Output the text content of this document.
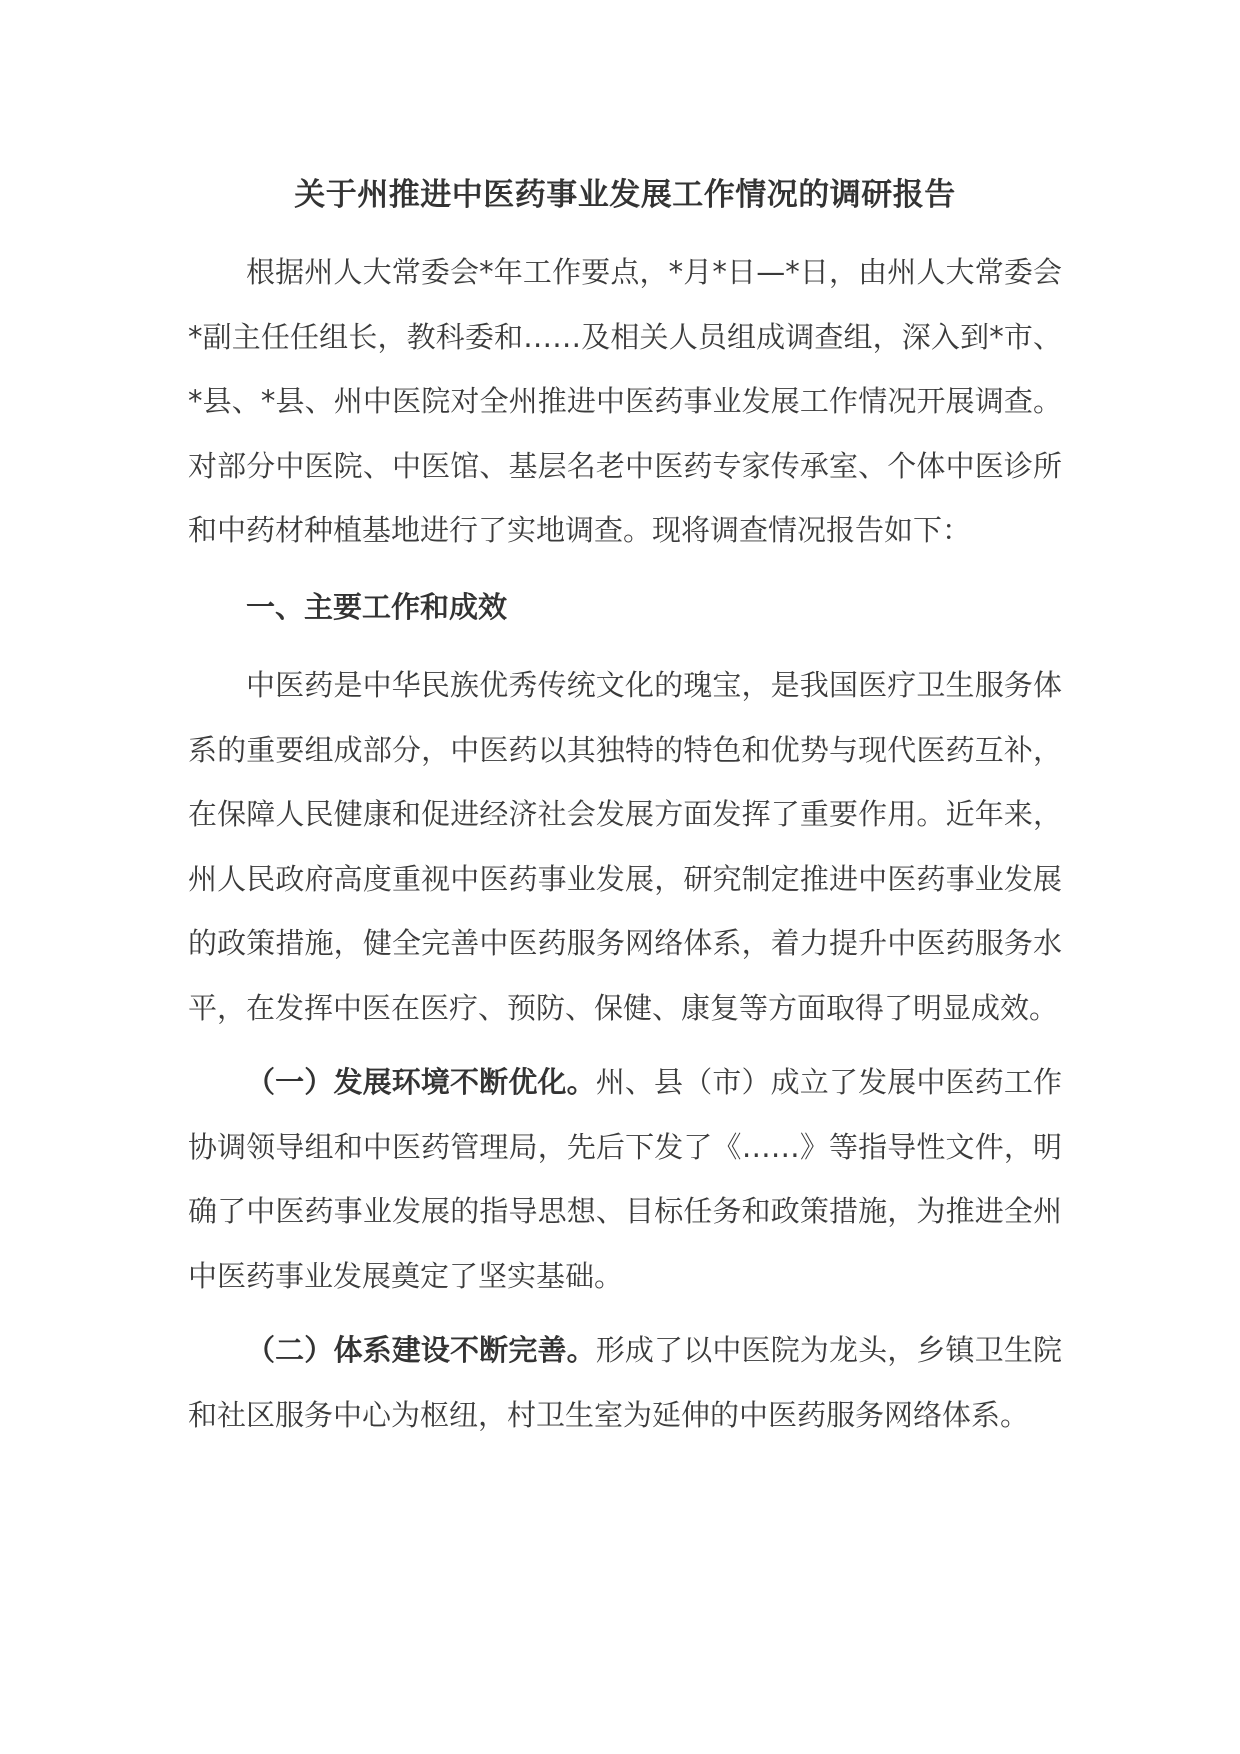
关于州推进中医药事业发展工作情况的调研报告

根据州人大常委会*年工作要点，*月*日—*日，由州人大常委会*副主任任组长，教科委和……及相关人员组成调查组，深入到*市、*县、*县、州中医院对全州推进中医药事业发展工作情况开展调查。对部分中医院、中医馆、基层名老中医药专家传承室、个体中医诊所和中药材种植基地进行了实地调查。现将调查情况报告如下：

一、主要工作和成效

中医药是中华民族优秀传统文化的瑰宝，是我国医疗卫生服务体系的重要组成部分，中医药以其独特的特色和优势与现代医药互补，在保障人民健康和促进经济社会发展方面发挥了重要作用。近年来，州人民政府高度重视中医药事业发展，研究制定推进中医药事业发展的政策措施，健全完善中医药服务网络体系，着力提升中医药服务水平，在发挥中医在医疗、预防、保健、康复等方面取得了明显成效。

（一）发展环境不断优化。州、县（市）成立了发展中医药工作协调领导组和中医药管理局，先后下发了《……》等指导性文件，明确了中医药事业发展的指导思想、目标任务和政策措施，为推进全州中医药事业发展奠定了坚实基础。

（二）体系建设不断完善。形成了以中医院为龙头，乡镇卫生院和社区服务中心为枢纽，村卫生室为延伸的中医药服务网络体系。
